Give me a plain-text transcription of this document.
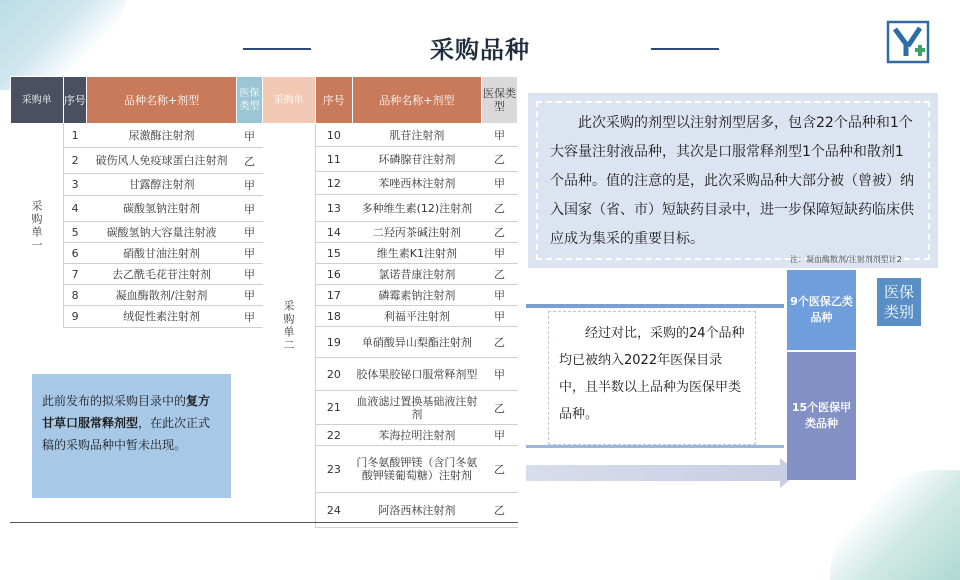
采购品种
采购单	序号	品种名称+剂型	医保类型
采购单一	1	尿激酶注射剂	甲
	2	破伤风人免疫球蛋白注射剂	乙
	3	甘露醇注射剂	甲
	4	碳酸氢钠注射剂	甲
	5	碳酸氢钠大容量注射液	甲
	6	硝酸甘油注射剂	甲
	7	去乙酰毛花苷注射剂	甲
	8	凝血酶散剂/注射剂	甲
	9	绒促性素注射剂	甲
采购单	序号	品种名称+剂型	医保类型
采购单二	10	肌苷注射剂	甲
	11	环磷腺苷注射剂	乙
	12	苯唑西林注射剂	甲
	13	多种维生素(12)注射剂	乙
	14	二羟丙茶碱注射剂	乙
	15	维生素K1注射剂	甲
	16	氯诺昔康注射剂	乙
	17	磷霉素钠注射剂	甲
	18	利福平注射剂	甲
	19	单硝酸异山梨酯注射剂	乙
	20	胶体果胶铋口服常释剂型	甲
	21	血液滤过置换基础液注射剂	乙
	22	苯海拉明注射剂	甲
	23	门冬氨酸钾镁（含门冬氨酸钾镁葡萄糖）注射剂	乙
	24	阿洛西林注射剂	乙
此前发布的拟采购目录中的复方甘草口服常释剂型，在此次正式稿的采购品种中暂未出现。
此次采购的剂型以注射剂型居多，包含22个品种和1个大容量注射液品种，其次是口服常释剂型1个品种和散剂1个品种。值的注意的是，此次采购品种大部分被（曾被）纳入国家（省、市）短缺药目录中，进一步保障短缺药临床供应成为集采的重要目标。
注：凝血酶散剂/注射剂剂型计2
经过对比，采购的24个品种均已被纳入2022年医保目录中，且半数以上品种为医保甲类品种。
9个医保乙类品种
15个医保甲类品种
医保类别
